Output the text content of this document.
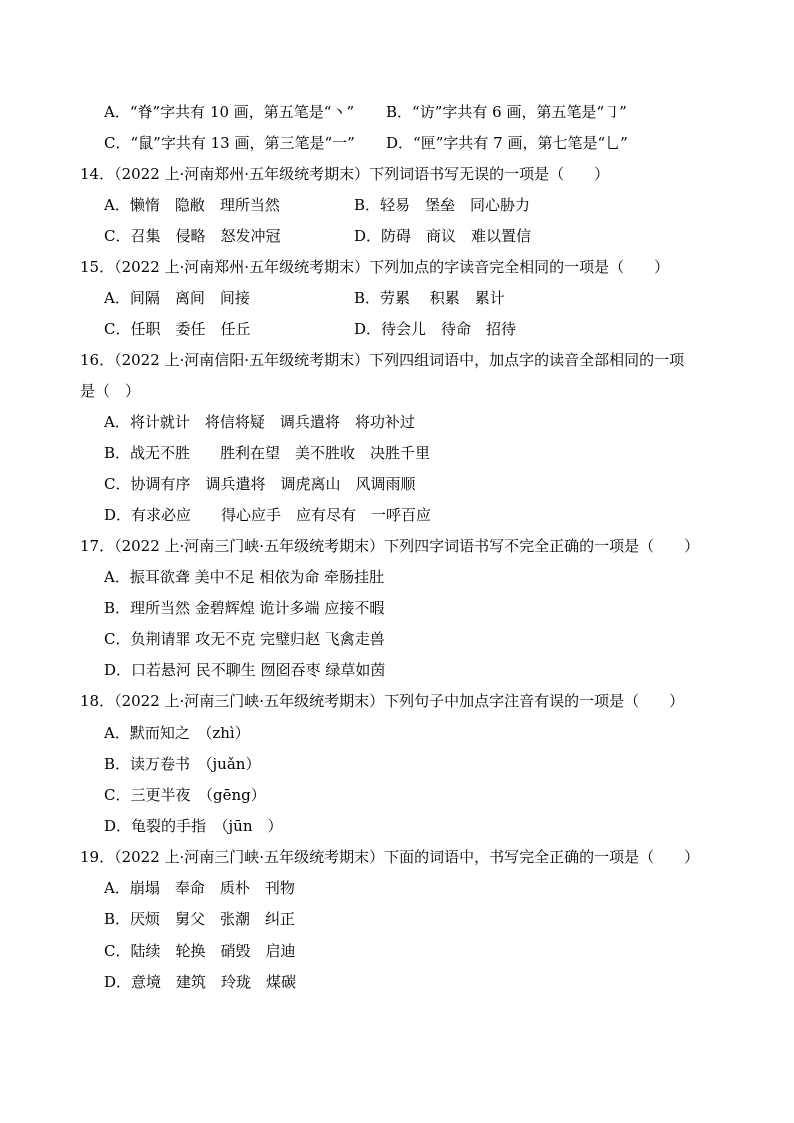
A．“脊”字共有 10 画，第五笔是“丶” B．“访”字共有 6 画，第五笔是“㇆”
C．“鼠”字共有 13 画，第三笔是“一” D．“匣”字共有 7 画，第七笔是“乚”
14．（2022 上·河南郑州·五年级统考期末）下列词语书写无误的一项是（　　）
A．懒惰　隐敝　理所当然	B．轻易　堡垒　同心胁力
C．召集　侵略　怒发冲冠	D．防碍　商议　难以置信
15．（2022 上·河南郑州·五年级统考期末）下列加点的字读音完全相同的一项是（　　）
A．间隔　离间　间接	B．劳累　 积累　累计
C．任职　委任　任丘	D．待会儿　待命　招待
16．（2022 上·河南信阳·五年级统考期末）下列四组词语中，加点字的读音全部相同的一项
是（　）
A．将计就计　将信将疑　调兵遣将　将功补过
B．战无不胜　　胜利在望　美不胜收　决胜千里
C．协调有序　调兵遣将　调虎离山　风调雨顺
D．有求必应　　得心应手　应有尽有　一呼百应
17．（2022 上·河南三门峡·五年级统考期末）下列四字词语书写不完全正确的一项是（　　）
A．振耳欲聋 美中不足 相依为命 牵肠挂肚
B．理所当然 金碧辉煌 诡计多端 应接不暇
C．负荆请罪 攻无不克 完璧归赵 飞禽走兽
D．口若悬河 民不聊生 囫囵吞枣 绿草如茵
18．（2022 上·河南三门峡·五年级统考期末）下列句子中加点字注音有误的一项是（　　）
A．默而知之　（zhì）
B．读万卷书　（juǎn）
C．三更半夜　（gēng）
D．龟裂的手指　（jūn　）
19．（2022 上·河南三门峡·五年级统考期末）下面的词语中，书写完全正确的一项是（　　）
A．崩塌　奉命　质朴　刊物
B．厌烦　舅父　张潮　纠正
C．陆续　轮换　硝毁　启迪
D．意境　建筑　玲珑　煤碳
